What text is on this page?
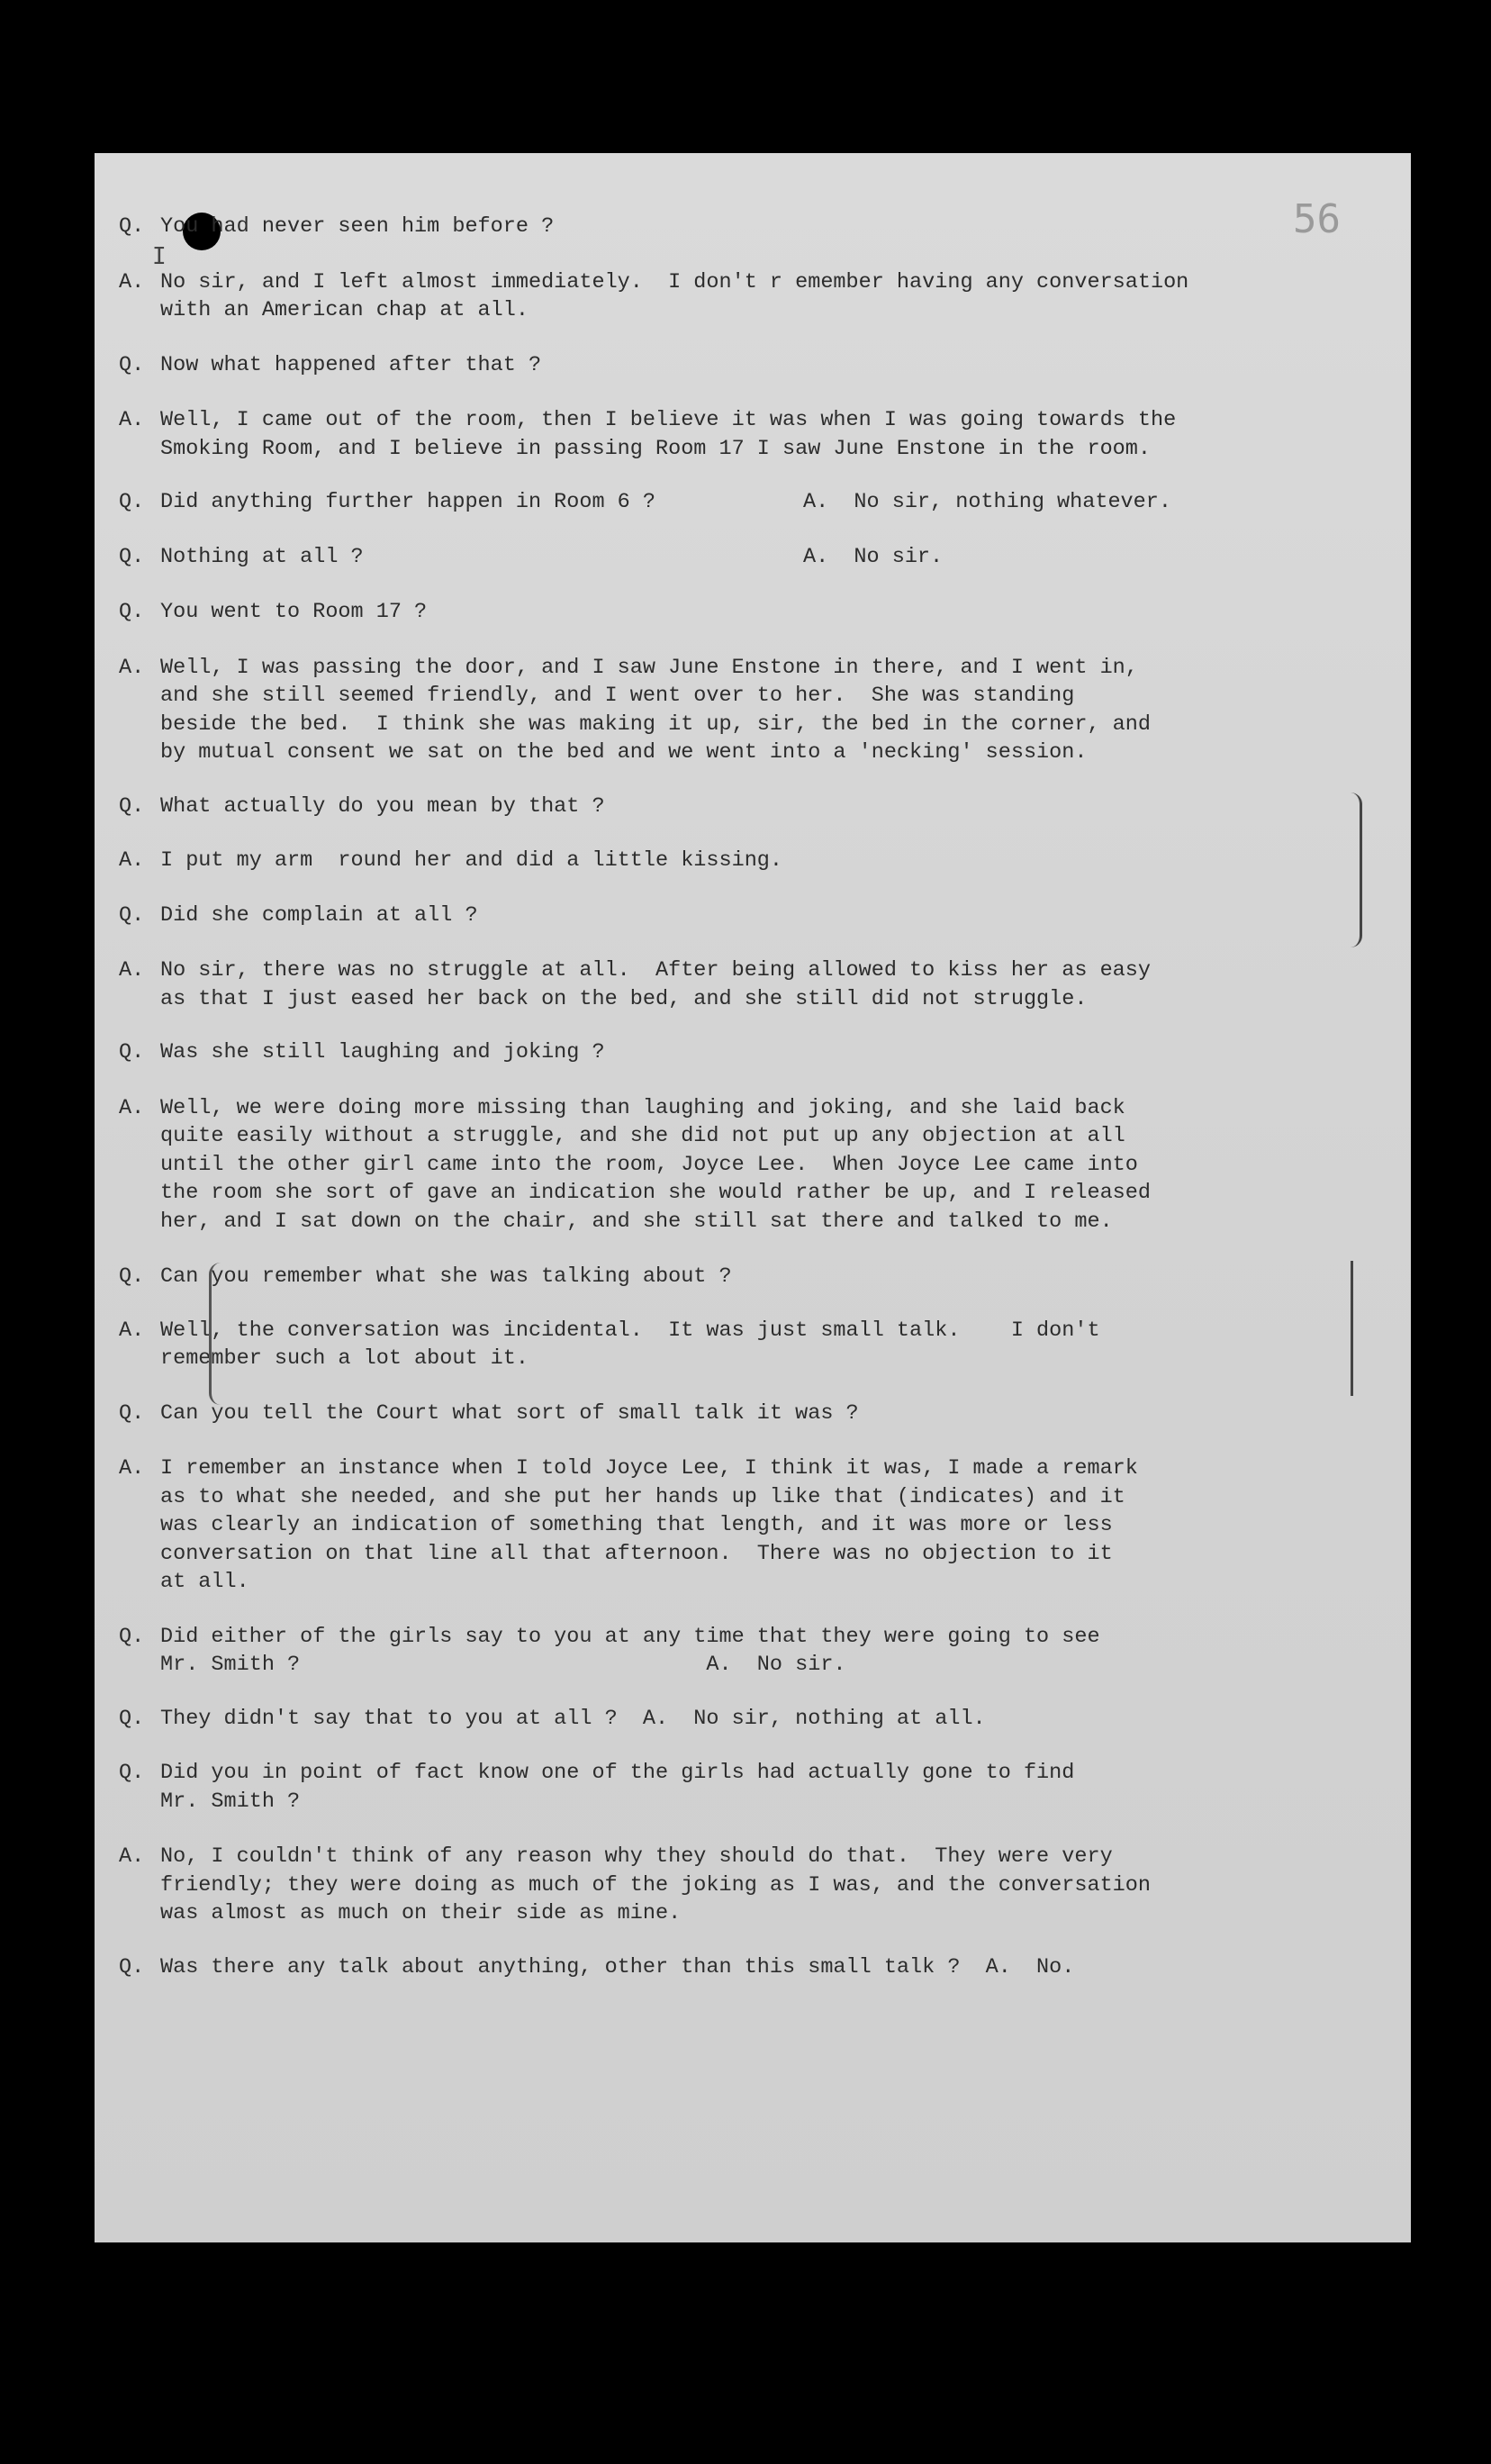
I
56
Q. You had never seen him before ?
A. No sir, and I left almost immediately.  I don't r emember having any conversation
with an American chap at all.
Q. Now what happened after that ?
A. Well, I came out of the room, then I believe it was when I was going towards the
Smoking Room, and I believe in passing Room 17 I saw June Enstone in the room.
Q. Did anything further happen in Room 6 ?	A.  No sir, nothing whatever.
Q. Nothing at all ?	A.  No sir.
Q. You went to Room 17 ?
A. Well, I was passing the door, and I saw June Enstone in there, and I went in,
and she still seemed friendly, and I went over to her.  She was standing
beside the bed.  I think she was making it up, sir, the bed in the corner, and
by mutual consent we sat on the bed and we went into a 'necking' session.
Q. What actually do you mean by that ?
A. I put my arm  round her and did a little kissing.
Q. Did she complain at all ?
A. No sir, there was no struggle at all.  After being allowed to kiss her as easy
as that I just eased her back on the bed, and she still did not struggle.
Q. Was she still laughing and joking ?
A. Well, we were doing more missing than laughing and joking, and she laid back
quite easily without a struggle, and she did not put up any objection at all
until the other girl came into the room, Joyce Lee.  When Joyce Lee came into
the room she sort of gave an indication she would rather be up, and I released
her, and I sat down on the chair, and she still sat there and talked to me.
Q. Can you remember what she was talking about ?
A. Well, the conversation was incidental.  It was just small talk.    I don't
remember such a lot about it.
Q. Can you tell the Court what sort of small talk it was ?
A. I remember an instance when I told Joyce Lee, I think it was, I made a remark
as to what she needed, and she put her hands up like that (indicates) and it
was clearly an indication of something that length, and it was more or less
conversation on that line all that afternoon.  There was no objection to it
at all.
Q. Did either of the girls say to you at any time that they were going to see
Mr. Smith ?                                A.  No sir.
Q. They didn't say that to you at all ?  A.  No sir, nothing at all.
Q. Did you in point of fact know one of the girls had actually gone to find
Mr. Smith ?
A. No, I couldn't think of any reason why they should do that.  They were very
friendly; they were doing as much of the joking as I was, and the conversation
was almost as much on their side as mine.
Q. Was there any talk about anything, other than this small talk ?  A.  No.
